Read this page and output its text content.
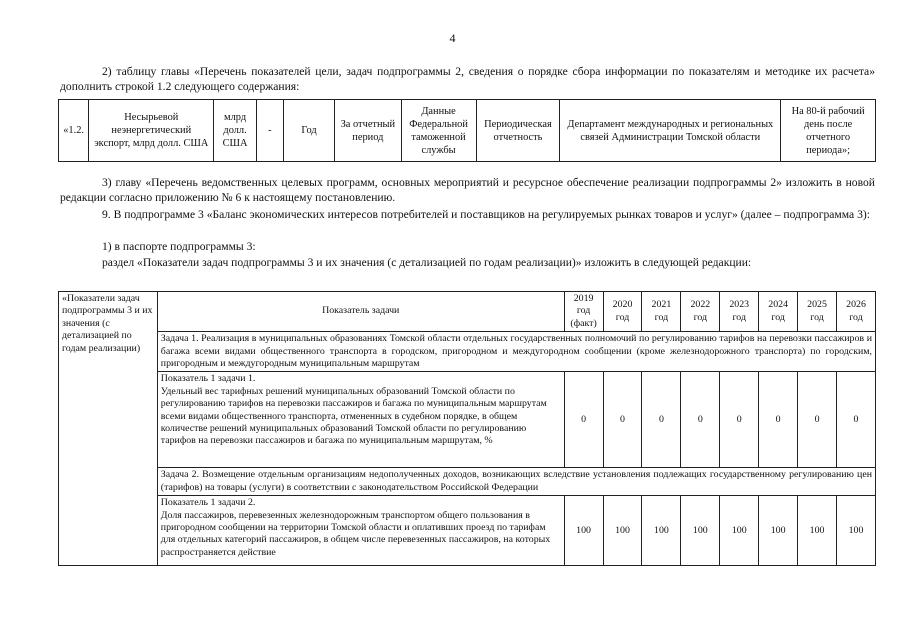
4
2) таблицу главы «Перечень показателей цели, задач подпрограммы 2, сведения о порядке сбора информации по показателям и методике их расчета» дополнить строкой 1.2 следующего содержания:
«1.2.	Несырьевой неэнергетический экспорт, млрд долл. США	млрд долл. США	-	Год	За отчетный период	Данные Федеральной таможенной службы	Периодическая отчетность	Департамент международных и региональных связей Администрации Томской области	На 80-й рабочий день после отчетного периода»;
3) главу «Перечень ведомственных целевых программ, основных мероприятий и ресурсное обеспечение реализации подпрограммы 2» изложить в новой редакции согласно приложению № 6 к настоящему постановлению.
9. В подпрограмме 3 «Баланс экономических интересов потребителей и поставщиков на регулируемых рынках товаров и услуг» (далее – подпрограмма 3):
1) в паспорте подпрограммы 3:
раздел «Показатели задач подпрограммы 3 и их значения (с детализацией по годам реализации)» изложить в следующей редакции:
«Показатели задач подпрограммы 3 и их значения (с детализацией по годам реализации)	Показатель задачи	2019 год (факт)	2020 год	2021 год	2022 год	2023 год	2024 год	2025 год	2026 год
	Задача 1. Реализация в муниципальных образованиях Томской области отдельных государственных полномочий по регулированию тарифов на перевозки пассажиров и багажа всеми видами общественного транспорта в городском, пригородном и междугородном сообщении (кроме железнодорожного транспорта) по городским, пригородным и междугородным муниципальным маршрутам								

	Показатель 1 задачи 1.
Удельный вес тарифных решений муниципальных образований Томской области по регулированию тарифов на перевозки пассажиров и багажа по муниципальным маршрутам всеми видами общественного транспорта, отмененных в судебном порядке, в общем количестве решений муниципальных образований Томской области по регулированию тарифов на перевозки пассажиров и багажа по муниципальным маршрутам, %	0	0	0	0	0	0	0	0
	Задача 2. Возмещение отдельным организациям недополученных доходов, возникающих вследствие установления подлежащих государственному регулированию цен (тарифов) на товары (услуги) в соответствии с законодательством Российской Федерации								

	Показатель 1 задачи 2.
Доля пассажиров, перевезенных железнодорожным транспортом общего пользования в пригородном сообщении на территории Томской области и оплативших проезд по тарифам для отдельных категорий пассажиров, в общем числе перевезенных пассажиров, на которых распространяется действие	100	100	100	100	100	100	100	100
